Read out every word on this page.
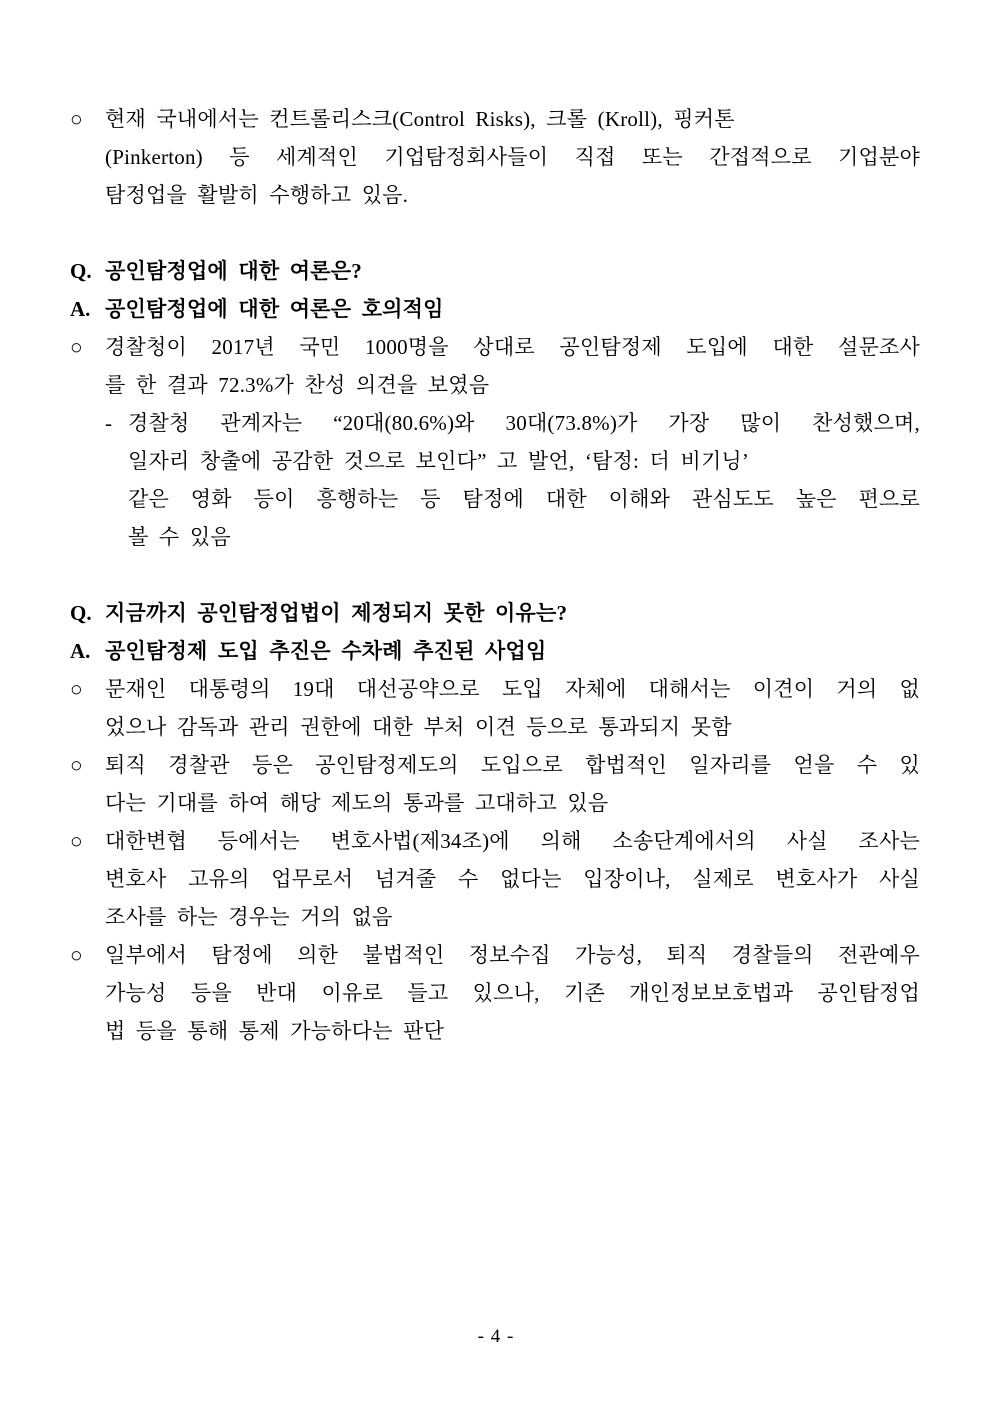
○	현재 국내에서는 컨트롤리스크(Control Risks), 크롤 (Kroll), 핑커톤
(Pinkerton) 등 세계적인 기업탐정회사들이 직접 또는 간접적으로 기업분야
탐정업을 활발히 수행하고 있음.
Q. 공인탐정업에 대한 여론은?
A. 공인탐정업에 대한 여론은 호의적임
○	경찰청이 2017년 국민 1000명을 상대로 공인탐정제 도입에 대한 설문조사
를 한 결과 72.3%가 찬성 의견을 보였음
- 경찰청 관계자는 “20대(80.6%)와 30대(73.8%)가 가장 많이 찬성했으며,
일자리 창출에 공감한 것으로 보인다” 고 발언, ‘탐정: 더 비기닝’
같은 영화 등이 흥행하는 등 탐정에 대한 이해와 관심도도 높은 편으로
볼 수 있음
Q. 지금까지 공인탐정업법이 제정되지 못한 이유는?
A. 공인탐정제 도입 추진은 수차례 추진된 사업임
○	문재인 대통령의 19대 대선공약으로 도입 자체에 대해서는 이견이 거의 없
었으나 감독과 관리 권한에 대한 부처 이견 등으로 통과되지 못함
○	퇴직 경찰관 등은 공인탐정제도의 도입으로 합법적인 일자리를 얻을 수 있
다는 기대를 하여 해당 제도의 통과를 고대하고 있음
○	대한변협 등에서는 변호사법(제34조)에 의해 소송단계에서의 사실 조사는
변호사 고유의 업무로서 넘겨줄 수 없다는 입장이나, 실제로 변호사가 사실
조사를 하는 경우는 거의 없음
○	일부에서 탐정에 의한 불법적인 정보수집 가능성, 퇴직 경찰들의 전관예우
가능성 등을 반대 이유로 들고 있으나, 기존 개인정보보호법과 공인탐정업
법 등을 통해 통제 가능하다는 판단
- 4 -
